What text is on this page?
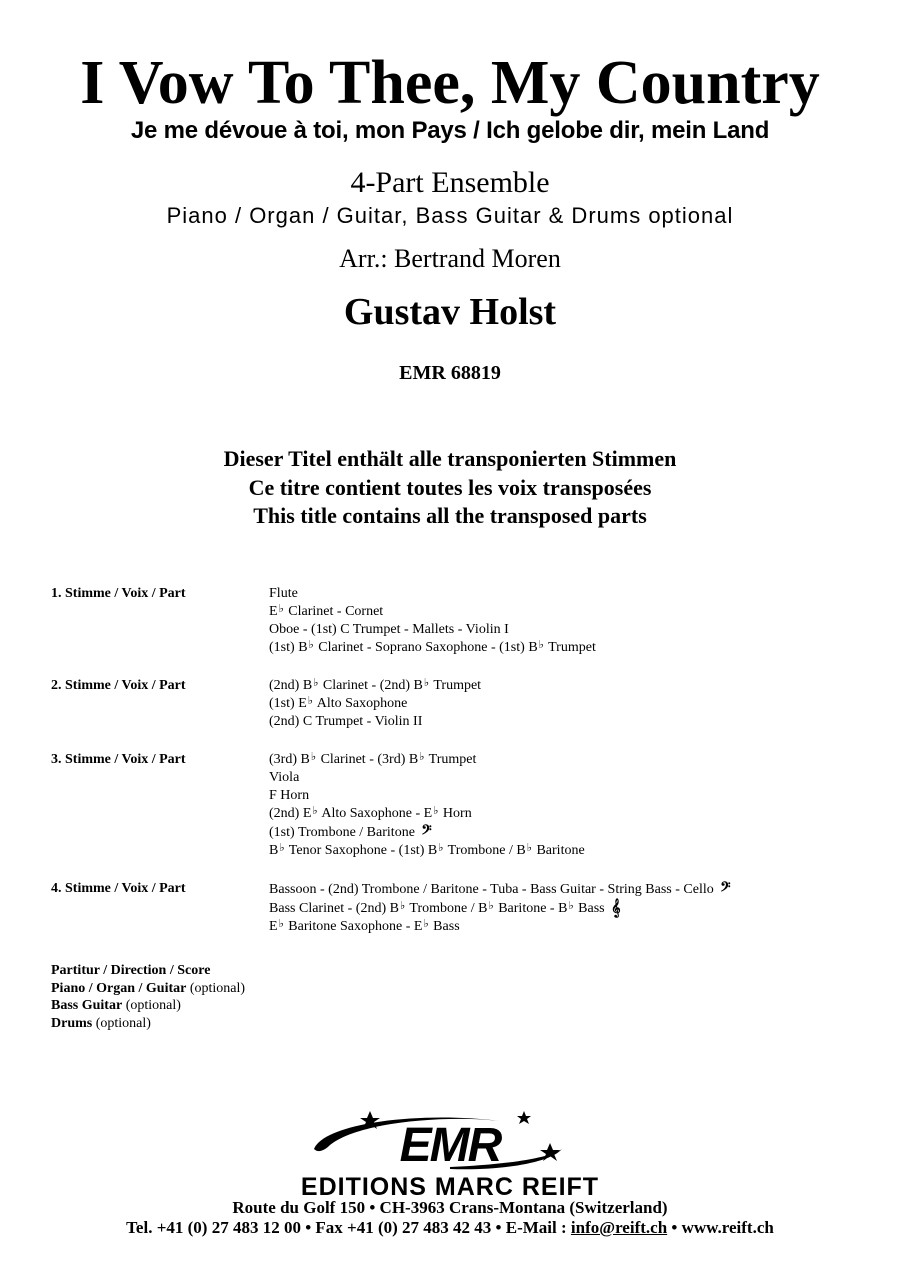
I Vow To Thee, My Country
Je me dévoue à toi, mon Pays / Ich gelobe dir, mein Land
4-Part Ensemble
Piano / Organ / Guitar, Bass Guitar & Drums optional
Arr.: Bertrand Moren
Gustav Holst
EMR 68819
Dieser Titel enthält alle transponierten Stimmen
Ce titre contient toutes les voix transposées
This title contains all the transposed parts
1. Stimme / Voix / Part	Flute
E♭ Clarinet - Cornet
Oboe - (1st) C Trumpet - Mallets - Violin I
(1st) B♭ Clarinet - Soprano Saxophone - (1st) B♭ Trumpet
2. Stimme / Voix / Part	(2nd) B♭ Clarinet - (2nd) B♭ Trumpet
(1st) E♭ Alto Saxophone
(2nd) C Trumpet - Violin II
3. Stimme / Voix / Part	(3rd) B♭ Clarinet - (3rd) B♭ Trumpet
Viola
F Horn
(2nd) E♭ Alto Saxophone - E♭ Horn
(1st) Trombone / Baritone 𝄢
B♭ Tenor Saxophone - (1st) B♭ Trombone / B♭ Baritone
4. Stimme / Voix / Part	Bassoon - (2nd) Trombone / Baritone - Tuba - Bass Guitar - String Bass - Cello 𝄢
Bass Clarinet - (2nd) B♭ Trombone / B♭ Baritone - B♭ Bass 𝄞
E♭ Baritone Saxophone - E♭ Bass
Partitur / Direction / Score
Piano / Organ / Guitar (optional)
Bass Guitar (optional)
Drums (optional)
EMR
EDITIONS MARC REIFT
Route du Golf 150 • CH-3963 Crans-Montana (Switzerland)
Tel. +41 (0) 27 483 12 00 • Fax +41 (0) 27 483 42 43 • E-Mail : info@reift.ch • www.reift.ch
